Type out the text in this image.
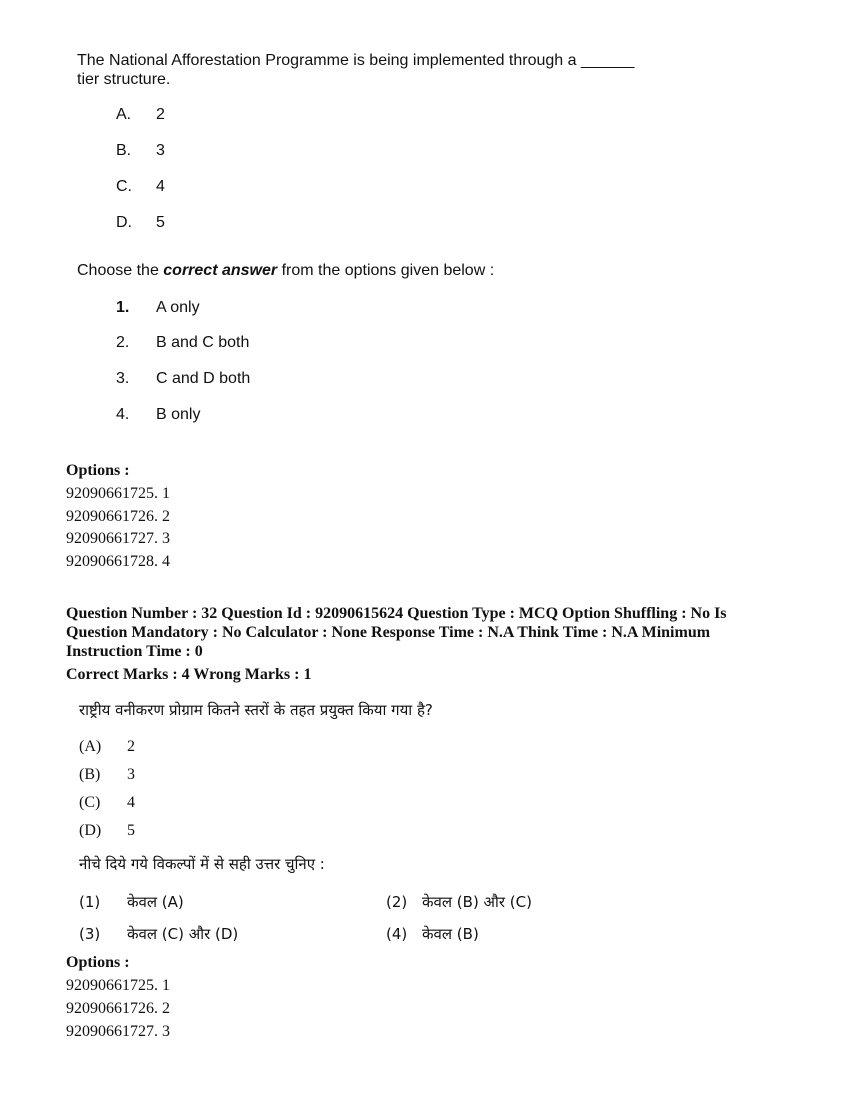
The National Afforestation Programme is being implemented through a ______
tier structure.
A. 2
B. 3
C. 4
D. 5
Choose the correct answer from the options given below :
1. A only
2. B and C both
3. C and D both
4. B only
Options :
92090661725. 1
92090661726. 2
92090661727. 3
92090661728. 4
Question Number : 32 Question Id : 92090615624 Question Type : MCQ Option Shuffling : No Is
Question Mandatory : No Calculator : None Response Time : N.A Think Time : N.A Minimum
Instruction Time : 0
Correct Marks : 4 Wrong Marks : 1
राष्ट्रीय वनीकरण प्रोग्राम कितने स्तरों के तहत प्रयुक्त किया गया है?
(A) 2
(B) 3
(C) 4
(D) 5
नीचे दिये गये विकल्पों में से सही उत्तर चुनिए :
(1) केवल (A)	(2) केवल (B) और (C)
(3) केवल (C) और (D)	(4) केवल (B)
Options :
92090661725. 1
92090661726. 2
92090661727. 3
